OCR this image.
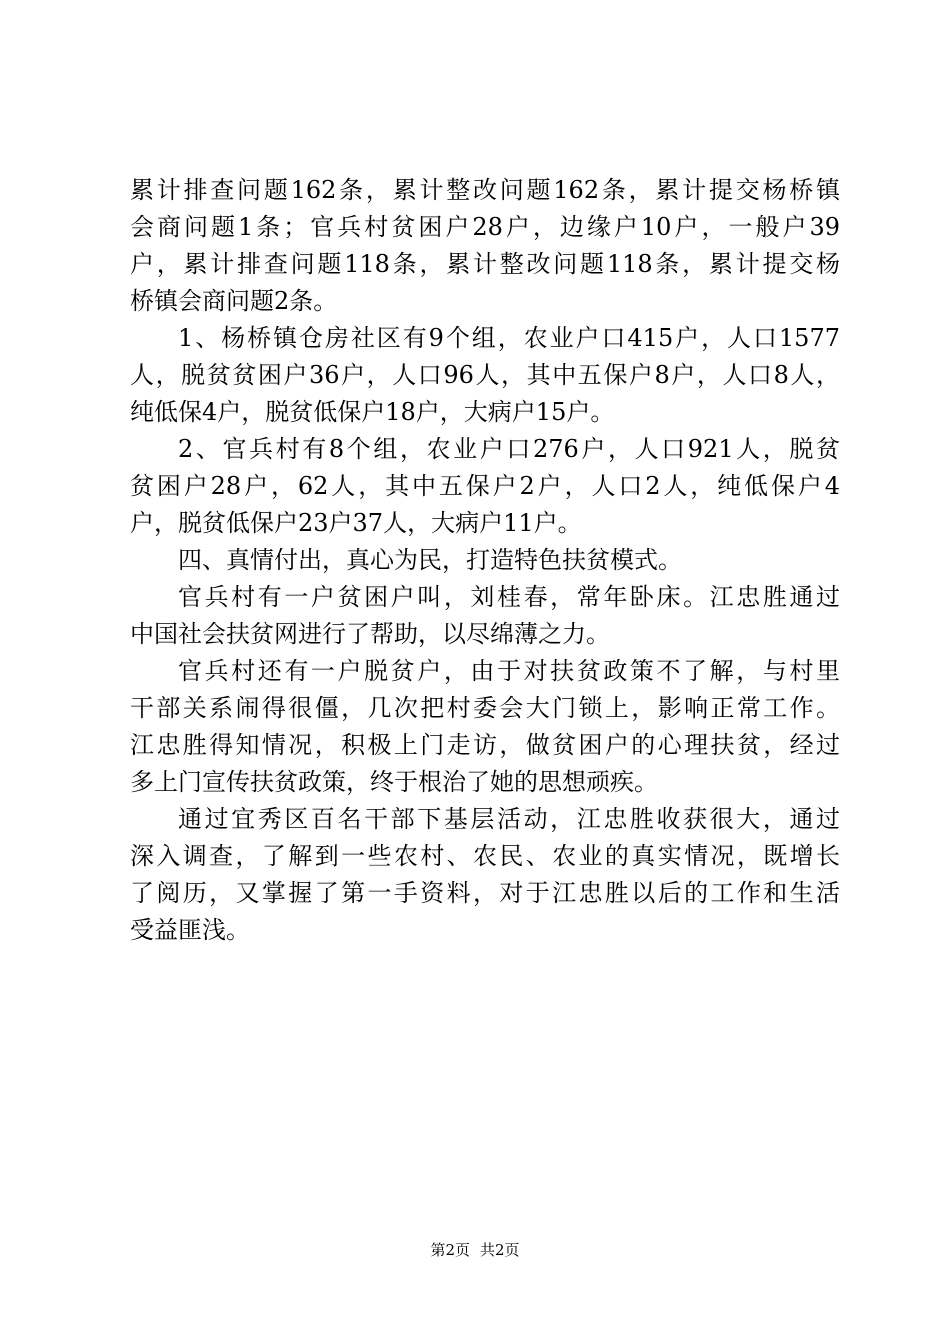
累计排查问题162条，累计整改问题162条，累计提交杨桥镇
会商问题1条；官兵村贫困户28户，边缘户10户，一般户39
户，累计排查问题118条，累计整改问题118条，累计提交杨
桥镇会商问题2条。
1、杨桥镇仓房社区有9个组，农业户口415户，人口1577
人，脱贫贫困户36户，人口96人，其中五保户8户，人口8人，
纯低保4户，脱贫低保户18户，大病户15户。
2、官兵村有8个组，农业户口276户，人口921人，脱贫
贫困户28户，62人，其中五保户2户，人口2人，纯低保户4
户，脱贫低保户23户37人，大病户11户。
四、真情付出，真心为民，打造特色扶贫模式。
官兵村有一户贫困户叫，刘桂春，常年卧床。江忠胜通过
中国社会扶贫网进行了帮助，以尽绵薄之力。
官兵村还有一户脱贫户，由于对扶贫政策不了解，与村里
干部关系闹得很僵，几次把村委会大门锁上，影响正常工作。
江忠胜得知情况，积极上门走访，做贫困户的心理扶贫，经过
多上门宣传扶贫政策，终于根治了她的思想顽疾。
通过宜秀区百名干部下基层活动，江忠胜收获很大，通过
深入调查，了解到一些农村、农民、农业的真实情况，既增长
了阅历，又掌握了第一手资料，对于江忠胜以后的工作和生活
受益匪浅。
第2页 共2页
